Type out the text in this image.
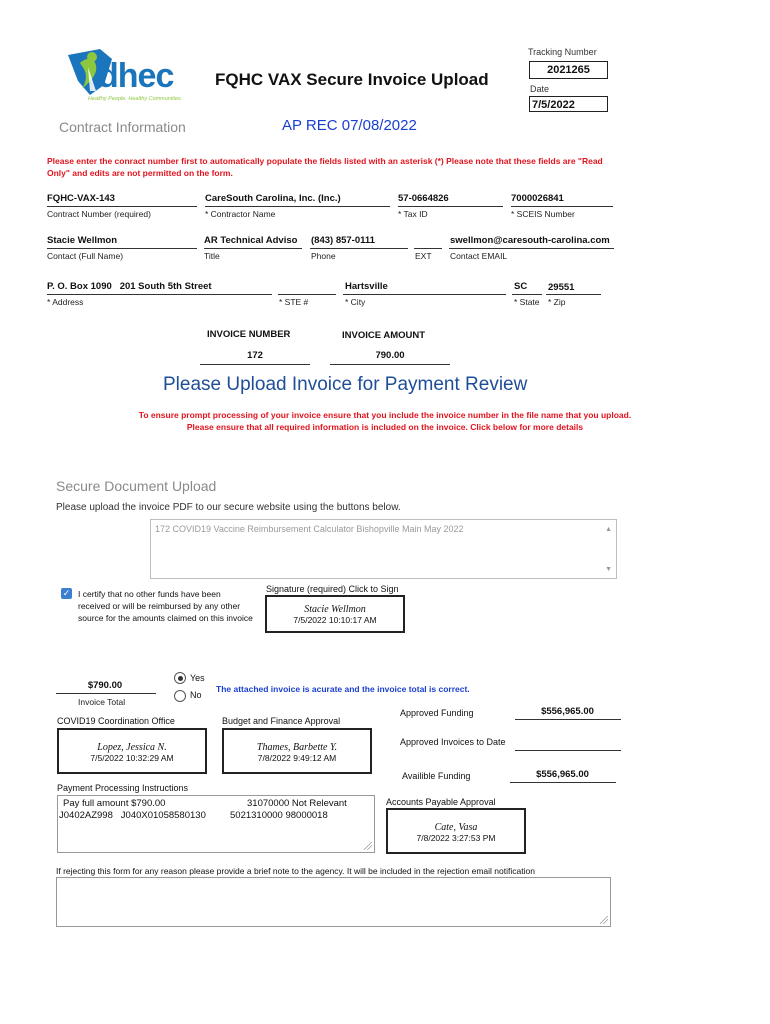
dhec
Healthy People. Healthy Communities.
FQHC VAX Secure Invoice Upload
Tracking Number
2021265
Date
7/5/2022
AP REC 07/08/2022
Contract Information
Please enter the conract number first to automatically populate the fields listed with an asterisk (*) Please note that these fields are "Read Only" and edits are not permitted on the form.
FQHC-VAX-143
Contract Number (required)
CareSouth Carolina, Inc. (Inc.)
* Contractor Name
57-0664826
* Tax ID
7000026841
* SCEIS Number
Stacie Wellmon
Contact (Full Name)
AR Technical Adviso
Title
(843) 857-0111
Phone	EXT
swellmon@caresouth-carolina.com
Contact EMAIL
P. O. Box 1090   201 South 5th Street
* Address	* STE #
Hartsville
* City
SC
* State
29551
* Zip
INVOICE NUMBER
172
INVOICE AMOUNT
790.00
Please Upload Invoice for Payment Review
To ensure prompt processing of your invoice ensure that you include the invoice number in the file name that you upload.
Please ensure that all required information is included on the invoice. Click below for more details
Secure Document Upload
Please upload the invoice PDF to our secure website using the buttons below.
172 COVID19 Vaccine Reimbursement Calculator Bishopville Main May 2022	▲
▼
✓ I certify that no other funds have been received or will be reimbursed by any other source for the amounts claimed on this invoice
Signature (required) Click to Sign
Stacie Wellmon
7/5/2022 10:10:17 AM
$790.00
Invoice Total
Yes
No
The attached invoice is acurate and the invoice total is correct.
COVID19 Coordination Office
Lopez, Jessica N.
7/5/2022 10:32:29 AM
Budget and Finance Approval
Thames, Barbette Y.
7/8/2022 9:49:12 AM
Approved Funding	$556,965.00
Approved Invoices to Date
Availible Funding	$556,965.00
Payment Processing Instructions
Pay full amount $790.00	31070000 Not Relevant
J0402AZ998   J040X01058580130	5021310000 98000018
Accounts Payable Approval
Cate, Vasa
7/8/2022 3:27:53 PM
If rejecting this form for any reason please provide a brief note to the agency. It will be included in the rejection email notification
